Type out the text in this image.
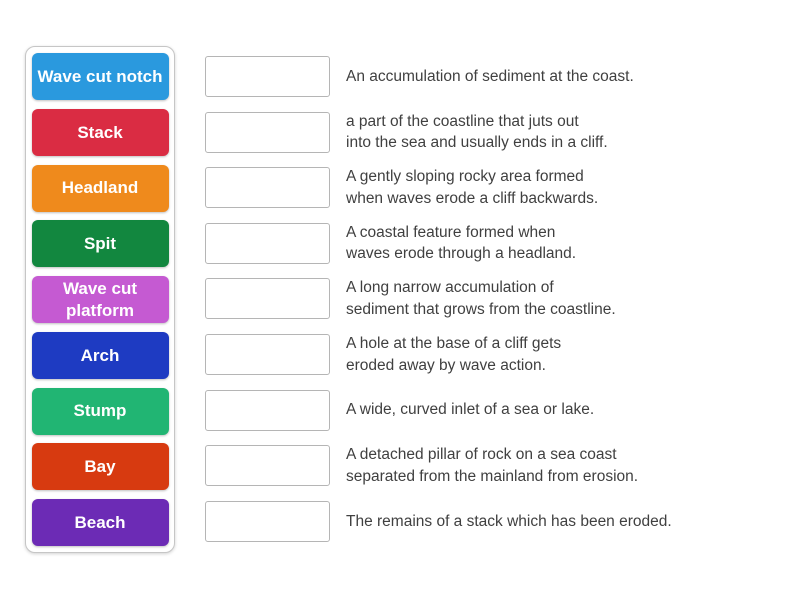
Wave cut notch
Stack
Headland
Spit
Wave cut platform
Arch
Stump
Bay
Beach
An accumulation of sediment at the coast.
a part of the coastline that juts out
into the sea and usually ends in a cliff.
A gently sloping rocky area formed
when waves erode a cliff backwards.
A coastal feature formed when
waves erode through a headland.
A long narrow accumulation of
sediment that grows from the coastline.
A hole at the base of a cliff gets
eroded away by wave action.
A wide, curved inlet of a sea or lake.
A detached pillar of rock on a sea coast
separated from the mainland from erosion.
The remains of a stack which has been eroded.
